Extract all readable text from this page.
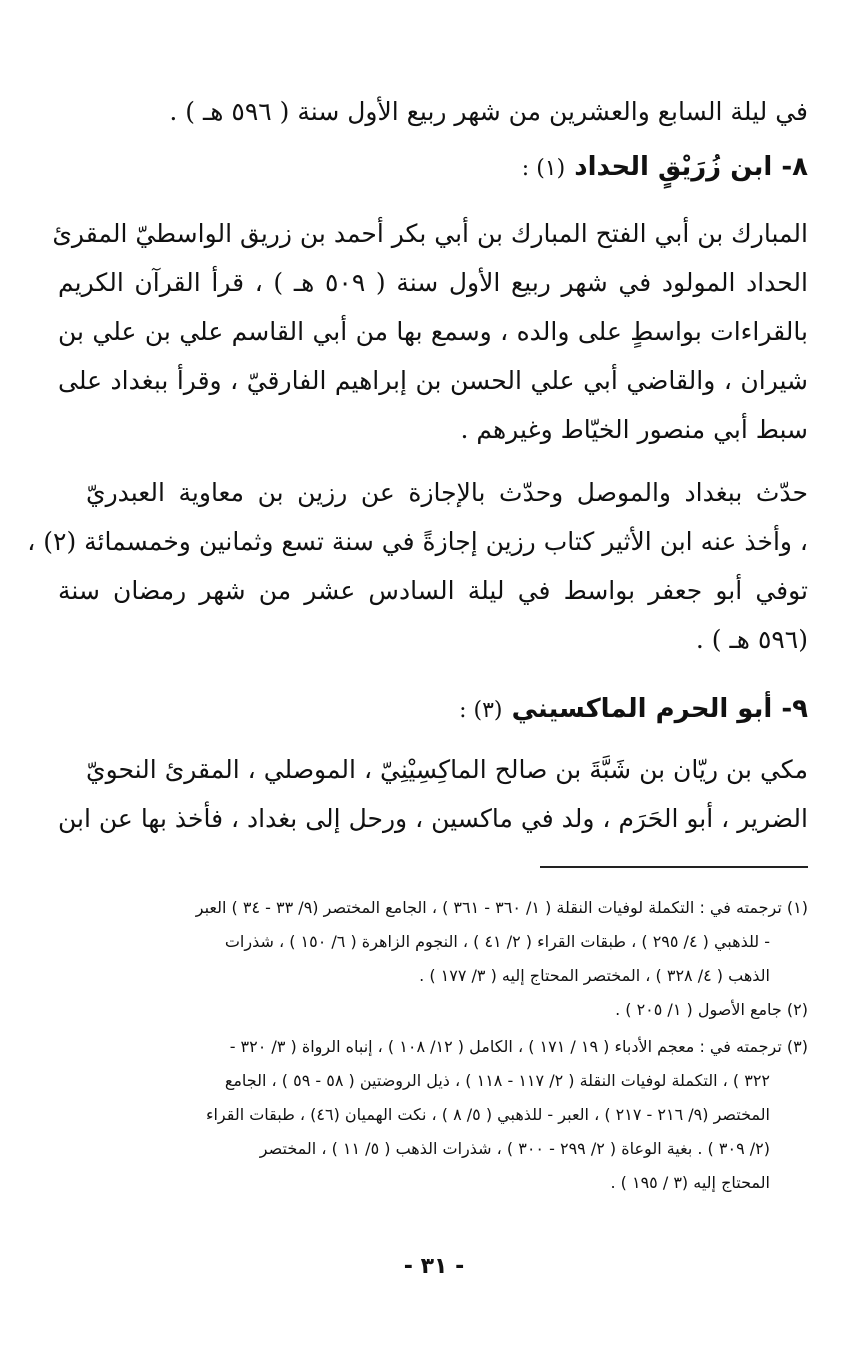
في ليلة السابع والعشرين من شهر ربيع الأول سنة ( ٥٩٦ هـ ) .
٨- ابن زُرَيْقٍ الحداد (١) :
المبارك بن أبي الفتح المبارك بن أبي بكر أحمد بن زريق الواسطيّ المقرئ
الحداد المولود في شهر ربيع الأول سنة ( ٥٠٩ هـ ) ، قرأ القرآن الكريم
بالقراءات بواسطٍ على والده ، وسمع بها من أبي القاسم علي بن علي بن
شيران ، والقاضي أبي علي الحسن بن إبراهيم الفارقيّ ، وقرأ ببغداد على
سبط أبي منصور الخيّاط وغيرهم .
حدّث ببغداد والموصل وحدّث بالإجازة عن رزين بن معاوية العبدريّ
، وأخذ عنه ابن الأثير كتاب رزين إجازةً في سنة تسع وثمانين وخمسمائة (٢) ،
توفي أبو جعفر بواسط في ليلة السادس عشر من شهر رمضان سنة
(٥٩٦ هـ ) .
٩- أبو الحرم الماكسيني (٣) :
مكي بن ريّان بن شَبَّةَ بن صالح الماكِسِيْنِيّ ، الموصلي ، المقرئ النحويّ
الضرير ، أبو الحَرَم ، ولد في ماكسين ، ورحل إلى بغداد ، فأخذ بها عن ابن
(١) ترجمته في : التكملة لوفيات النقلة ( ١/ ٣٦٠ - ٣٦١ ) ، الجامع المختصر (٩/ ٣٣ - ٣٤ ) العبر
- للذهبي ( ٤/ ٢٩٥ ) ، طبقات القراء ( ٢/ ٤١ ) ، النجوم الزاهرة ( ٦/ ١٥٠ ) ، شذرات
الذهب ( ٤/ ٣٢٨ ) ، المختصر المحتاج إليه ( ٣/ ١٧٧ ) .
(٢) جامع الأصول ( ١/ ٢٠٥ ) .
(٣) ترجمته في : معجم الأدباء ( ١٩ / ١٧١ ) ، الكامل ( ١٢/ ١٠٨ ) ، إنباه الرواة ( ٣/ ٣٢٠ -
٣٢٢ ) ، التكملة لوفيات النقلة ( ٢/ ١١٧ - ١١٨ ) ، ذيل الروضتين ( ٥٨ - ٥٩ ) ، الجامع
المختصر (٩/ ٢١٦ - ٢١٧ ) ، العبر - للذهبي ( ٥/ ٨ ) ، نكت الهميان (٤٦) ، طبقات القراء
(٢/ ٣٠٩ ) . بغية الوعاة ( ٢/ ٢٩٩ - ٣٠٠ ) ، شذرات الذهب ( ٥/ ١١ ) ، المختصر
المحتاج إليه (٣ / ١٩٥ ) .
- ٣١ -
